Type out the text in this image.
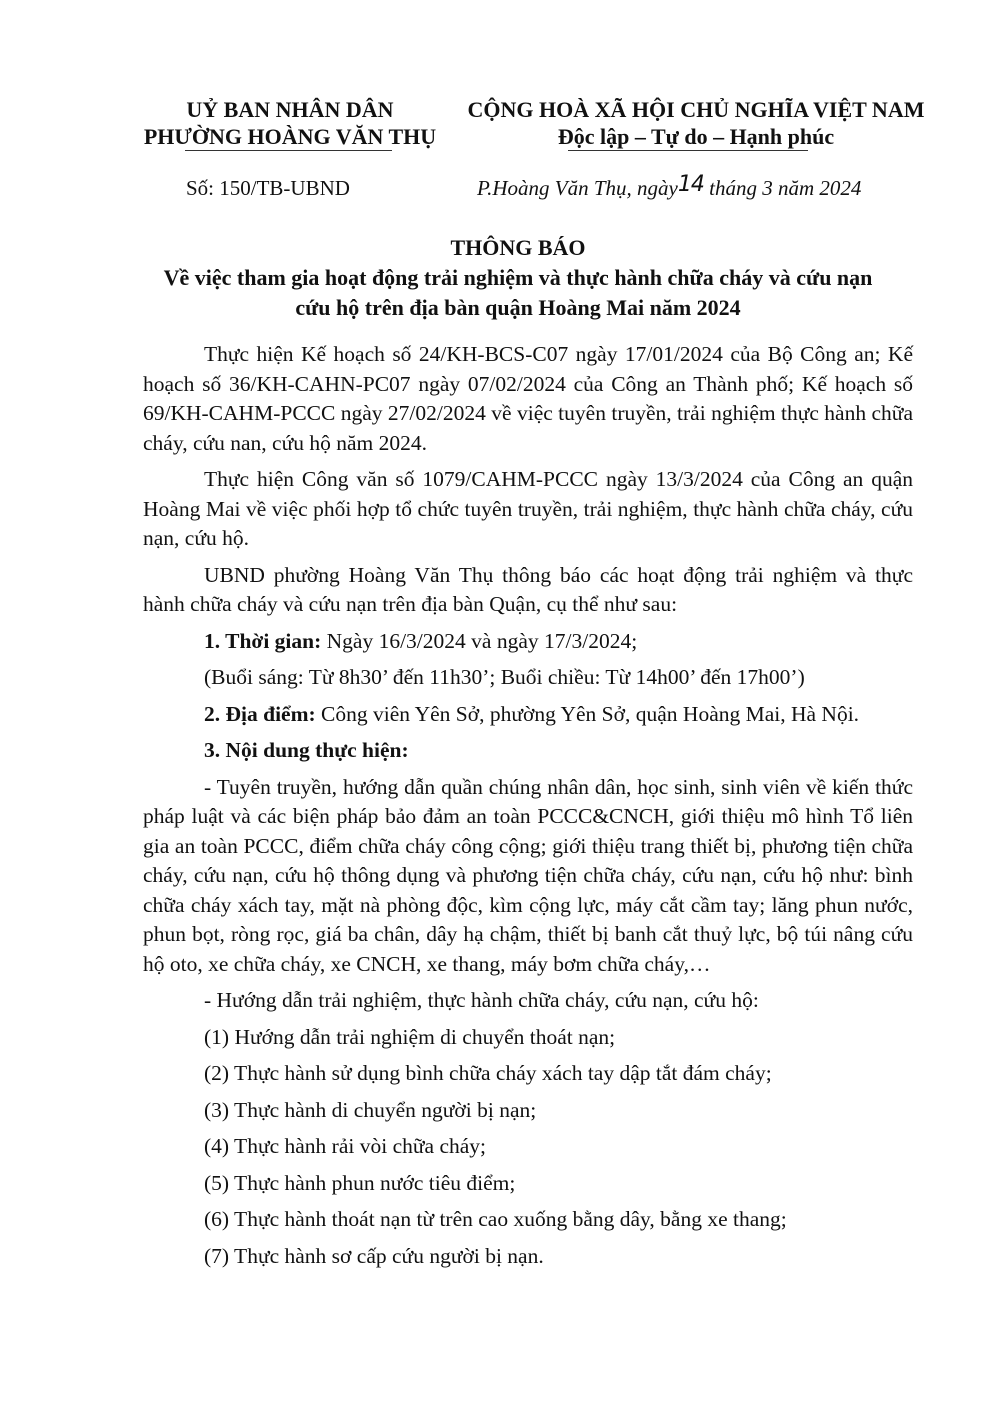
UỶ BAN NHÂN DÂN
PHƯỜNG HOÀNG VĂN THỤ
CỘNG HOÀ XÃ HỘI CHỦ NGHĨA VIỆT NAM
Độc lập – Tự do – Hạnh phúc
Số: 150/TB-UBND	P.Hoàng Văn Thụ, ngày14 tháng 3 năm 2024
THÔNG BÁO
Về việc tham gia hoạt động trải nghiệm và thực hành chữa cháy và cứu nạn
cứu hộ trên địa bàn quận Hoàng Mai năm 2024

Thực hiện Kế hoạch số 24/KH-BCS-C07 ngày 17/01/2024 của Bộ Công an; Kế hoạch số 36/KH-CAHN-PC07 ngày 07/02/2024 của Công an Thành phố; Kế hoạch số 69/KH-CAHM-PCCC ngày 27/02/2024 về việc tuyên truyền, trải nghiệm thực hành chữa cháy, cứu nan, cứu hộ năm 2024.

Thực hiện Công văn số 1079/CAHM-PCCC ngày 13/3/2024 của Công an quận Hoàng Mai về việc phối hợp tổ chức tuyên truyền, trải nghiệm, thực hành chữa cháy, cứu nạn, cứu hộ.

UBND phường Hoàng Văn Thụ thông báo các hoạt động trải nghiệm và thực hành chữa cháy và cứu nạn trên địa bàn Quận, cụ thể như sau:

1. Thời gian: Ngày 16/3/2024 và ngày 17/3/2024;

(Buổi sáng: Từ 8h30’ đến 11h30’; Buổi chiều: Từ 14h00’ đến 17h00’)

2. Địa điểm: Công viên Yên Sở, phường Yên Sở, quận Hoàng Mai, Hà Nội.

3. Nội dung thực hiện:

- Tuyên truyền, hướng dẫn quần chúng nhân dân, học sinh, sinh viên về kiến thức pháp luật và các biện pháp bảo đảm an toàn PCCC&CNCH, giới thiệu mô hình Tổ liên gia an toàn PCCC, điểm chữa cháy công cộng; giới thiệu trang thiết bị, phương tiện chữa cháy, cứu nạn, cứu hộ thông dụng và phương tiện chữa cháy, cứu nạn, cứu hộ như: bình chữa cháy xách tay, mặt nà phòng độc, kìm cộng lực, máy cắt cầm tay; lăng phun nước, phun bọt, ròng rọc, giá ba chân, dây hạ chậm, thiết bị banh cắt thuỷ lực, bộ túi nâng cứu hộ oto, xe chữa cháy, xe CNCH, xe thang, máy bơm chữa cháy,…

- Hướng dẫn trải nghiệm, thực hành chữa cháy, cứu nạn, cứu hộ:

(1) Hướng dẫn trải nghiệm di chuyển thoát nạn;

(2) Thực hành sử dụng bình chữa cháy xách tay dập tắt đám cháy;

(3) Thực hành di chuyển người bị nạn;

(4) Thực hành rải vòi chữa cháy;

(5) Thực hành phun nước tiêu điểm;

(6) Thực hành thoát nạn từ trên cao xuống bằng dây, bằng xe thang;

(7) Thực hành sơ cấp cứu người bị nạn.
